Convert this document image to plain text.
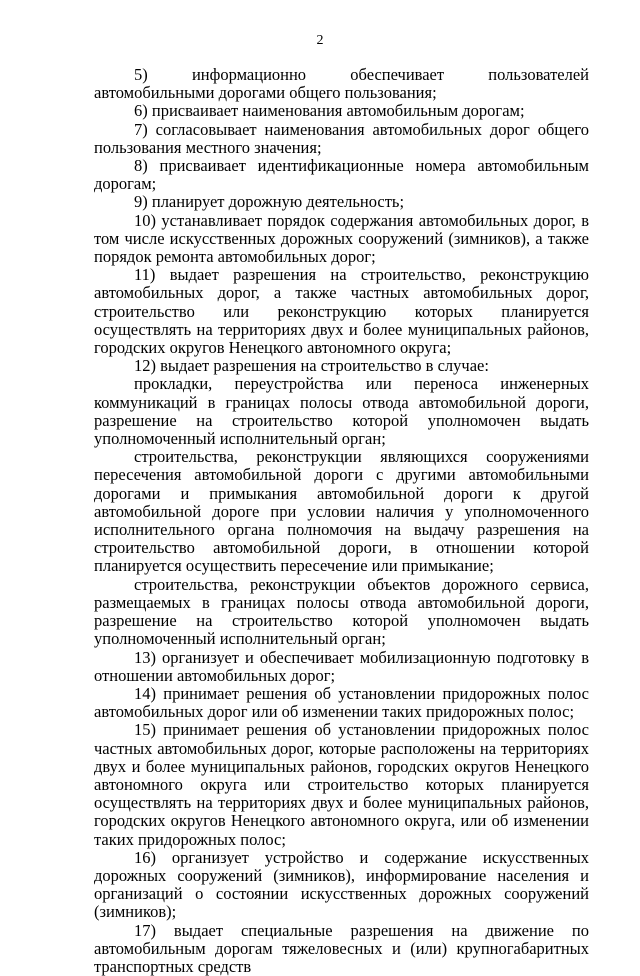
2

5) информационно обеспечивает пользователей автомобильными дорогами общего пользования;

6) присваивает наименования автомобильным дорогам;

7) согласовывает наименования автомобильных дорог общего пользования местного значения;

8) присваивает идентификационные номера автомобильным дорогам;

9) планирует дорожную деятельность;

10) устанавливает порядок содержания автомобильных дорог, в том числе искусственных дорожных сооружений (зимников), а также порядок ремонта автомобильных дорог;

11) выдает разрешения на строительство, реконструкцию автомобильных дорог, а также частных автомобильных дорог, строительство или реконструкцию которых планируется осуществлять на территориях двух и более муниципальных районов, городских округов Ненецкого автономного округа;

12) выдает разрешения на строительство в случае:

прокладки, переустройства или переноса инженерных коммуникаций в границах полосы отвода автомобильной дороги, разрешение на строительство которой уполномочен выдать уполномоченный исполнительный орган;

строительства, реконструкции являющихся сооружениями пересечения автомобильной дороги с другими автомобильными дорогами и примыкания автомобильной дороги к другой автомобильной дороге при условии наличия у уполномоченного исполнительного органа полномочия на выдачу разрешения на строительство автомобильной дороги, в отношении которой планируется осуществить пересечение или примыкание;

строительства, реконструкции объектов дорожного сервиса, размещаемых в границах полосы отвода автомобильной дороги, разрешение на строительство которой уполномочен выдать уполномоченный исполнительный орган;

13) организует и обеспечивает мобилизационную подготовку в отношении автомобильных дорог;

14) принимает решения об установлении придорожных полос автомобильных дорог или об изменении таких придорожных полос;

15) принимает решения об установлении придорожных полос частных автомобильных дорог, которые расположены на территориях двух и более муниципальных районов, городских округов Ненецкого автономного округа или строительство которых планируется осуществлять на территориях двух и более муниципальных районов, городских округов Ненецкого автономного округа, или об изменении таких придорожных полос;

16) организует устройство и содержание искусственных дорожных сооружений (зимников), информирование населения и организаций о состоянии искусственных дорожных сооружений (зимников);

17) выдает специальные разрешения на движение по автомобильным дорогам тяжеловесных и (или) крупногабаритных транспортных средств
